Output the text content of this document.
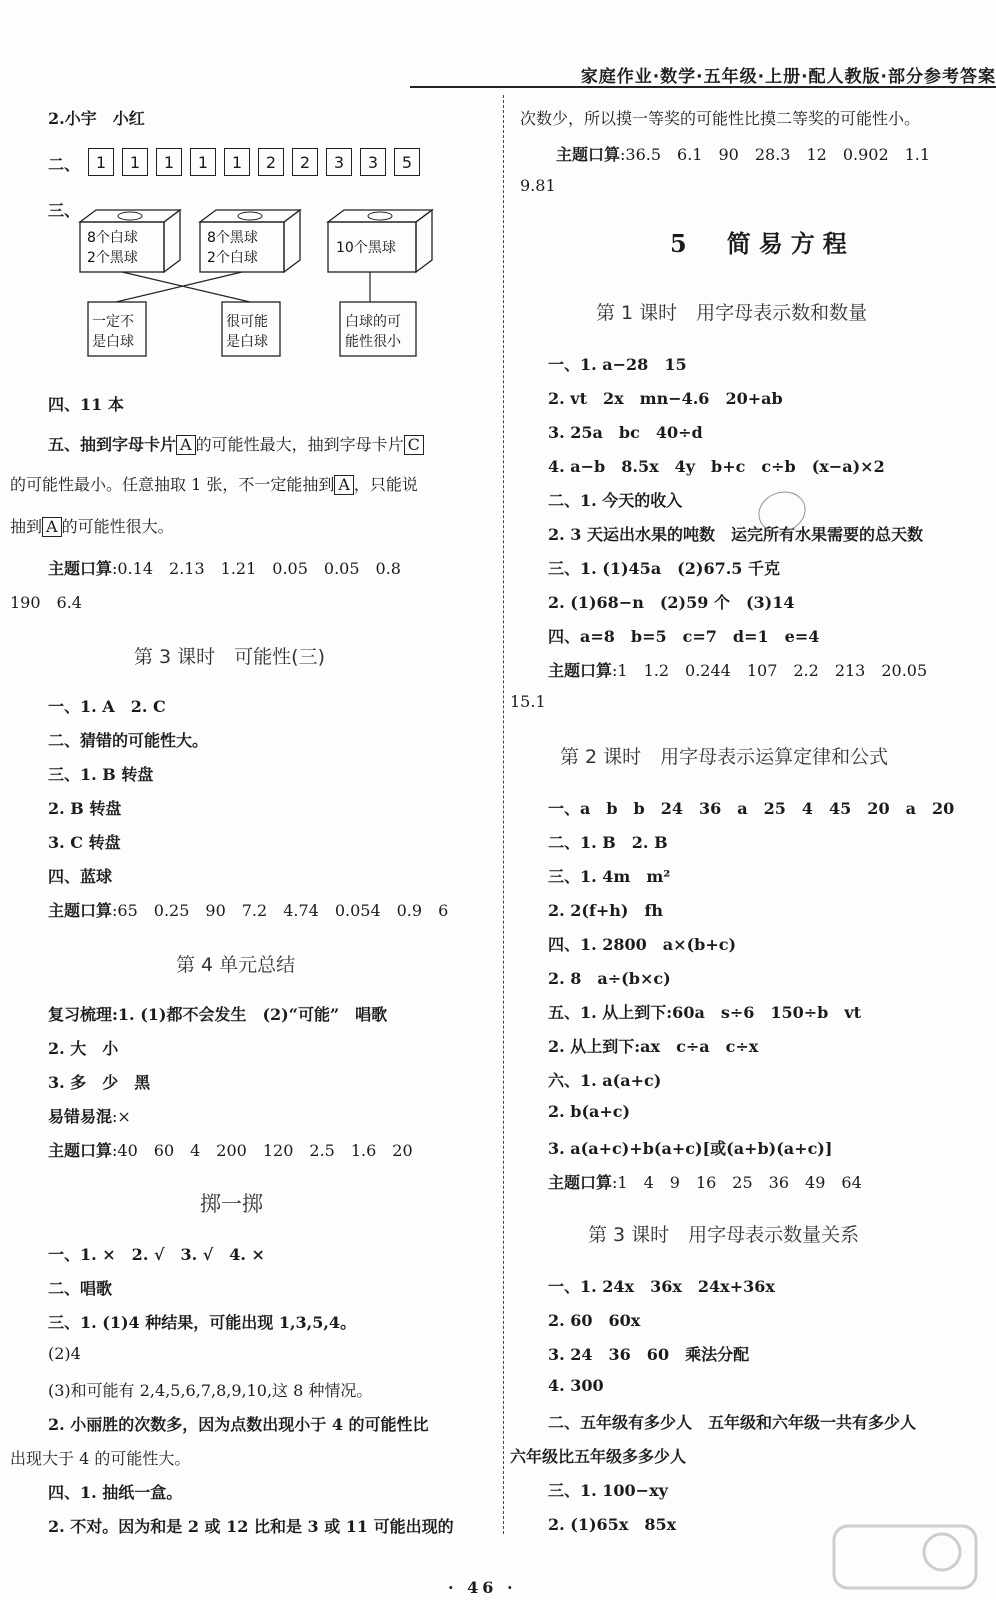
家庭作业·数学·五年级·上册·配人教版·部分参考答案
2.小宇　小红
二、 1	1	1	1	1	2	2	3	3	5
三、
8个白球
2个黑球
8个黑球
2个白球
10个黑球
一定不
是白球
很可能
是白球
白球的可
能性很小
四、11 本
五、抽到字母卡片 A 的可能性最大，抽到字母卡片 C
的可能性最小。任意抽取 1 张，不一定能抽到 A ，只能说
抽到 A 的可能性很大。
主题口算:0.14　2.13　1.21　0.05　0.05　0.8
190　6.4
第 3 课时　可能性(三)
一、1. A　2. C
二、猜错的可能性大。
三、1. B 转盘
2. B 转盘
3. C 转盘
四、蓝球
主题口算:65　0.25　90　7.2　4.74　0.054　0.9　6
第 4 单元总结
复习梳理:1. (1)都不会发生　(2)“可能”　唱歌
2. 大　小
3. 多　少　黑
易错易混:×
主题口算:40　60　4　200　120　2.5　1.6　20
掷一掷
一、1. ×　2. √　3. √　4. ×
二、唱歌
三、1. (1)4 种结果，可能出现 1,3,5,4。
(2)4
(3)和可能有 2,4,5,6,7,8,9,10,这 8 种情况。
2. 小丽胜的次数多，因为点数出现小于 4 的可能性比
出现大于 4 的可能性大。
四、1. 抽纸一盒。
2. 不对。因为和是 2 或 12 比和是 3 或 11 可能出现的
次数少，所以摸一等奖的可能性比摸二等奖的可能性小。
主题口算:36.5　6.1　90　28.3　12　0.902　1.1
9.81
5　简易方程
第 1 课时　用字母表示数和数量
一、1. a−28　15
2. vt　2x　mn−4.6　20+ab
3. 25a　bc　40÷d
4. a−b　8.5x　4y　b+c　c÷b　(x−a)×2
二、1. 今天的收入
2. 3 天运出水果的吨数　运完所有水果需要的总天数
三、1. (1)45a　(2)67.5 千克
2. (1)68−n　(2)59 个　(3)14
四、a=8　b=5　c=7　d=1　e=4
主题口算:1　1.2　0.244　107　2.2　213　20.05
15.1
第 2 课时　用字母表示运算定律和公式
一、a　b　b　24　36　a　25　4　45　20　a　20
二、1. B　2. B
三、1. 4m　m²
2. 2(f+h)　fh
四、1. 2800　a×(b+c)
2. 8　a÷(b×c)
五、1. 从上到下:60a　s÷6　150÷b　vt
2. 从上到下:ax　c÷a　c÷x
六、1. a(a+c)
2. b(a+c)
3. a(a+c)+b(a+c)[或(a+b)(a+c)]
主题口算:1　4　9　16　25　36　49　64
第 3 课时　用字母表示数量关系
一、1. 24x　36x　24x+36x
2. 60　60x
3. 24　36　60　乘法分配
4. 300
二、五年级有多少人　五年级和六年级一共有多少人
六年级比五年级多多少人
三、1. 100−xy
2. (1)65x　85x
· 46 ·
